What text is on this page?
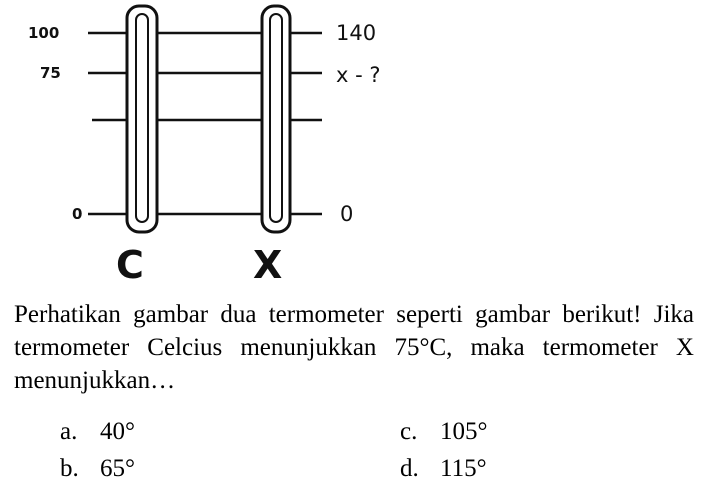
100
75
0
140
x - ?
0
C	X
Perhatikan gambar dua termometer seperti gambar berikut! Jika termometer Celcius menunjukkan 75°C, maka termometer X menunjukkan…
a. 40°
b. 65°
c. 105°
d. 115°
